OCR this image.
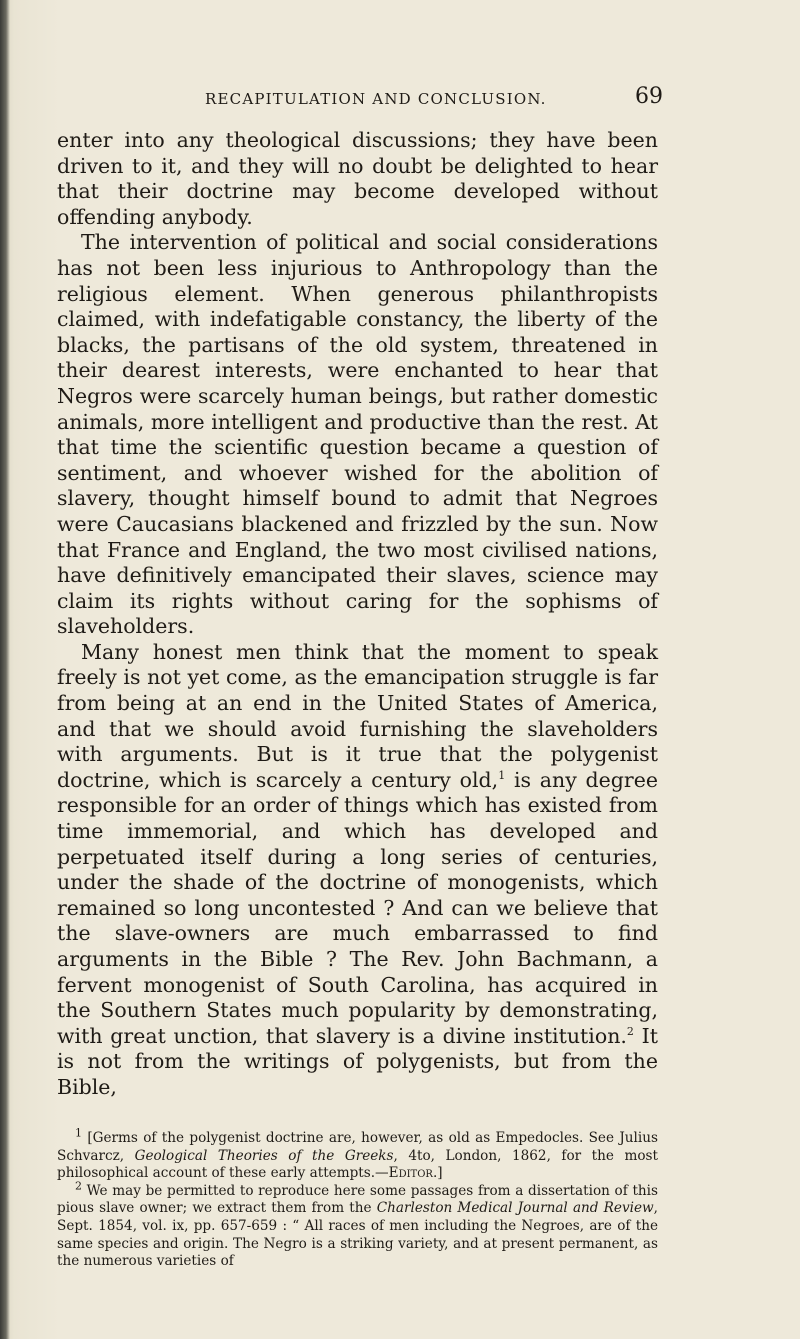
RECAPITULATION AND CONCLUSION.	69

enter into any theological discussions; they have been driven to it, and they will no doubt be delighted to hear that their doctrine may become developed without offending anybody.

The intervention of political and social considerations has not been less injurious to Anthropology than the religious element. When generous philanthropists claimed, with indefatigable constancy, the liberty of the blacks, the partisans of the old system, threatened in their dearest interests, were enchanted to hear that Negros were scarcely human beings, but rather domestic animals, more intelligent and productive than the rest. At that time the scientific question became a question of sentiment, and whoever wished for the abolition of slavery, thought himself bound to admit that Negroes were Caucasians blackened and frizzled by the sun. Now that France and England, the two most civilised nations, have definitively emancipated their slaves, science may claim its rights without caring for the sophisms of slaveholders.

Many honest men think that the moment to speak freely is not yet come, as the emancipation struggle is far from being at an end in the United States of America, and that we should avoid furnishing the slaveholders with arguments. But is it true that the polygenist doctrine, which is scarcely a century old,$^1$ is any degree responsible for an order of things which has existed from time immemorial, and which has developed and perpetuated itself during a long series of centuries, under the shade of the doctrine of monogenists, which remained so long uncontested ? And can we believe that the slave-owners are much embarrassed to find arguments in the Bible ? The Rev. John Bachmann, a fervent monogenist of South Carolina, has acquired in the Southern States much popularity by demonstrating, with great unction, that slavery is a divine institution.$^2$ It is not from the writings of polygenists, but from the Bible,

$^1$ [Germs of the polygenist doctrine are, however, as old as Empedocles. See Julius Schvarcz, Geological Theories of the Greeks, 4to, London, 1862, for the most philosophical account of these early attempts.—Editor.]

$^2$ We may be permitted to reproduce here some passages from a dissertation of this pious slave owner; we extract them from the Charleston Medical Journal and Review, Sept. 1854, vol. ix, pp. 657-659 : “ All races of men including the Negroes, are of the same species and origin. The Negro is a striking variety, and at present permanent, as the numerous varieties of
